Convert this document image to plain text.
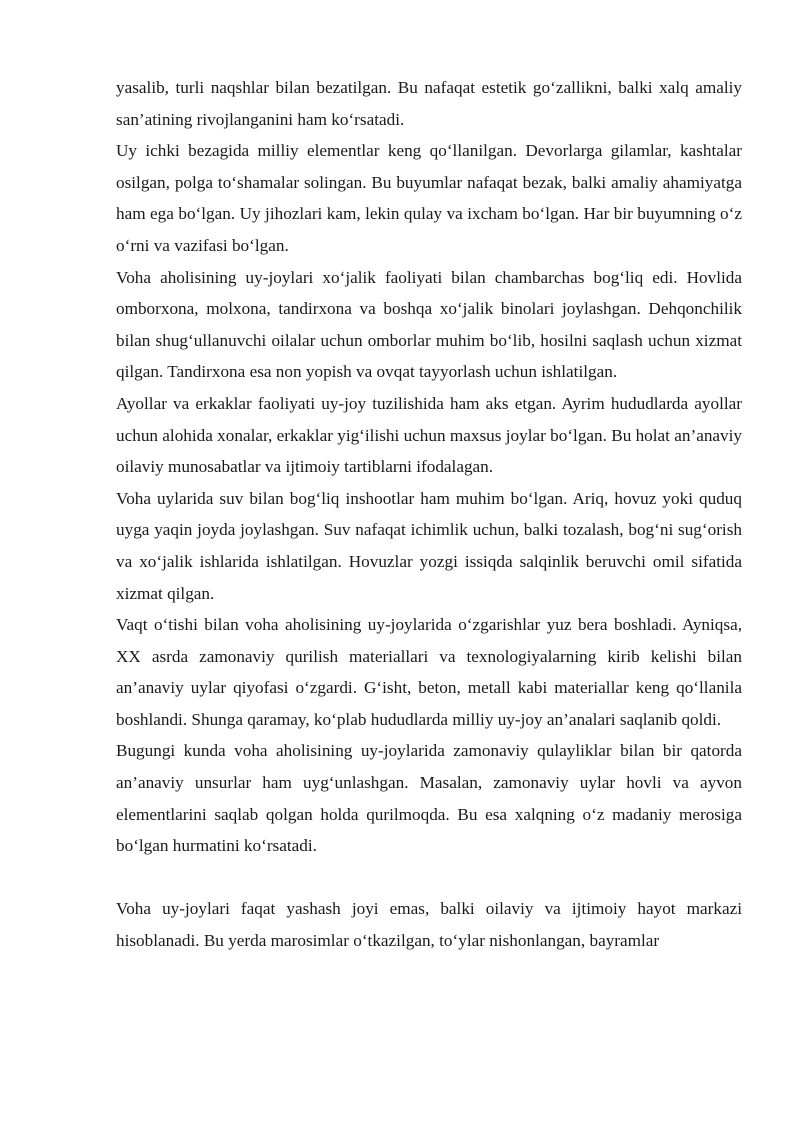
yasalib, turli naqshlar bilan bezatilgan. Bu nafaqat estetik go‘zallikni, balki xalq amaliy san’atining rivojlanganini ham ko‘rsatadi.

Uy ichki bezagida milliy elementlar keng qo‘llanilgan. Devorlarga gilamlar, kashtalar osilgan, polga to‘shamalar solingan. Bu buyumlar nafaqat bezak, balki amaliy ahamiyatga ham ega bo‘lgan. Uy jihozlari kam, lekin qulay va ixcham bo‘lgan. Har bir buyumning o‘z o‘rni va vazifasi bo‘lgan.

Voha aholisining uy-joylari xo‘jalik faoliyati bilan chambarchas bog‘liq edi. Hovlida omborxona, molxona, tandirxona va boshqa xo‘jalik binolari joylashgan. Dehqonchilik bilan shug‘ullanuvchi oilalar uchun omborlar muhim bo‘lib, hosilni saqlash uchun xizmat qilgan. Tandirxona esa non yopish va ovqat tayyorlash uchun ishlatilgan.

Ayollar va erkaklar faoliyati uy-joy tuzilishida ham aks etgan. Ayrim hududlarda ayollar uchun alohida xonalar, erkaklar yig‘ilishi uchun maxsus joylar bo‘lgan. Bu holat an’anaviy oilaviy munosabatlar va ijtimoiy tartiblarni ifodalagan.

Voha uylarida suv bilan bog‘liq inshootlar ham muhim bo‘lgan. Ariq, hovuz yoki quduq uyga yaqin joyda joylashgan. Suv nafaqat ichimlik uchun, balki tozalash, bog‘ni sug‘orish va xo‘jalik ishlarida ishlatilgan. Hovuzlar yozgi issiqda salqinlik beruvchi omil sifatida xizmat qilgan.

Vaqt o‘tishi bilan voha aholisining uy-joylarida o‘zgarishlar yuz bera boshladi. Ayniqsa, XX asrda zamonaviy qurilish materiallari va texnologiyalarning kirib kelishi bilan an’anaviy uylar qiyofasi o‘zgardi. G‘isht, beton, metall kabi materiallar keng qo‘llanila boshlandi. Shunga qaramay, ko‘plab hududlarda milliy uy-joy an’analari saqlanib qoldi.

Bugungi kunda voha aholisining uy-joylarida zamonaviy qulayliklar bilan bir qatorda an’anaviy unsurlar ham uyg‘unlashgan. Masalan, zamonaviy uylar hovli va ayvon elementlarini saqlab qolgan holda qurilmoqda. Bu esa xalqning o‘z madaniy merosiga bo‘lgan hurmatini ko‘rsatadi.

Voha uy-joylari faqat yashash joyi emas, balki oilaviy va ijtimoiy hayot markazi hisoblanadi. Bu yerda marosimlar o‘tkazilgan, to‘ylar nishonlangan, bayramlar
